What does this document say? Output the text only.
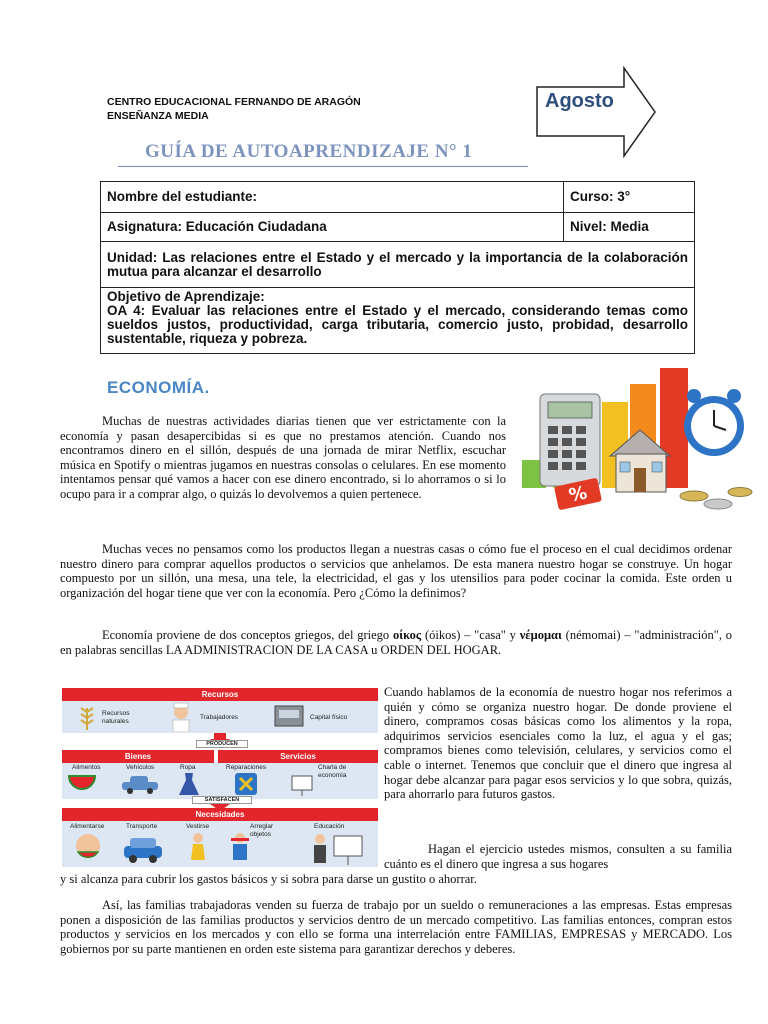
CENTRO EDUCACIONAL FERNANDO DE ARAGÓN
ENSEÑANZA MEDIA
Agosto
GUÍA DE AUTOAPRENDIZAJE N° 1
Nombre del estudiante:	Curso: 3°
Asignatura: Educación Ciudadana	Nivel: Media
Unidad: Las relaciones entre el Estado y el mercado y la importancia de la colaboración mutua para alcanzar el desarrollo	

Objetivo de Aprendizaje:
OA 4: Evaluar las relaciones entre el Estado y el mercado, considerando temas como sueldos justos, productividad, carga tributaria, comercio justo, probidad, desarrollo sustentable, riqueza y pobreza.	
ECONOMÍA.
%
Muchas de nuestras actividades diarias tienen que ver estrictamente con la economía y pasan desapercibidas si es que no prestamos atención. Cuando nos encontramos dinero en el sillón, después de una jornada de mirar Netflix, escuchar música en Spotify o mientras jugamos en nuestras consolas o celulares. En ese momento intentamos pensar qué vamos a hacer con ese dinero encontrado, si lo ahorramos o si lo ocupo para ir a comprar algo, o quizás lo devolvemos a quien pertenece.
Muchas veces no pensamos como los productos llegan a nuestras casas o cómo fue el proceso en el cual decidimos ordenar nuestro dinero para comprar aquellos productos o servicios que anhelamos. De esta manera nuestro hogar se construye. Un hogar compuesto por un sillón, una mesa, una tele, la electricidad, el gas y los utensilios para poder cocinar la comida. Este orden u organización del hogar tiene que ver con la economía. Pero ¿Cómo la definimos?
Economía proviene de dos conceptos griegos, del griego οίκος (óikos) – "casa" y νέμομαι (némomai) – "administración", o en palabras sencillas LA ADMINISTRACION DE LA CASA u ORDEN DEL HOGAR.
Recursos
Recursos naturales
Trabajadores	Capital físico
PRODUCEN
Bienes	Servicios
Alimentos	Vehículos	Ropa	Reparaciones	Charla de economía
SATISFACEN
Necesidades
Alimentarse	Transporte	Vestirse	Arreglar objetos
Educación
Cuando hablamos de la economía de nuestro hogar nos referimos a quién y cómo se organiza nuestro hogar. De donde proviene el dinero, compramos cosas básicas como los alimentos y la ropa, adquirimos servicios esenciales como la luz, el agua y el gas; compramos bienes como televisión, celulares, y servicios como el cable o internet. Tenemos que concluir que el dinero que ingresa al hogar debe alcanzar para pagar esos servicios y lo que sobra, quizás, para ahorrarlo para futuros gastos.
Hagan el ejercicio ustedes mismos, consulten a su familia cuánto es el dinero que ingresa a sus hogares
y si alcanza para cubrir los gastos básicos y si sobra para darse un gustito o ahorrar.
Así, las familias trabajadoras venden su fuerza de trabajo por un sueldo o remuneraciones a las empresas. Estas empresas ponen a disposición de las familias productos y servicios dentro de un mercado competitivo. Las familias entonces, compran estos productos y servicios en los mercados y con ello se forma una interrelación entre FAMILIAS, EMPRESAS y MERCADO. Los gobiernos por su parte mantienen en orden este sistema para garantizar derechos y deberes.
